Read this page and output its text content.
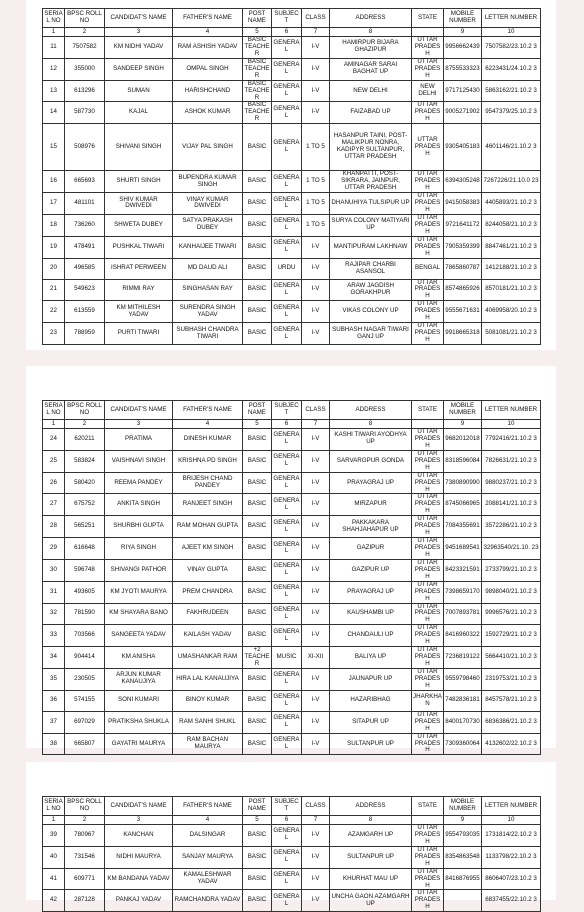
SERIAL NO	BPSC ROLL NO	CANDIDAT'S NAME	FATHER'S NAME	POST NAME	SUBJECT	CLASS	ADDRESS	STATE	MOBILE NUMBER	LETTER NUMBER
1	2	3	4	5	6	7	8		9	10
11	7507582	KM NIDHI YADAV	RAM ASHISH YADAV	BASIC TEACHER	GENERAL	I-V	HAMIRPUR BIJARA GHAZIPUR	UTTAR PRADESH	9956662439	7507582/23.10.2 3
12	355000	SANDEEP SINGH	OMPAL SINGH	BASIC TEACHER	GENERAL	I-V	AMINAGAR SARAI BAGHAT UP	UTTAR PRADESH	8755533323	6223431/24.10.2 3
13	613296	SUMAN	HARISHCHAND	BASIC TEACHER	GENERAL	I-V	NEW DELHI	NEW DELHI	9717125430	5863162/21.10.2 3
14	587730	KAJAL	ASHOK KUMAR	BASIC TEACHER	GENERAL	I-V	FAIZABAD UP	UTTAR PRADESH	9005271902	9547379/25.10.2 3
15	508976	SHIVANI SINGH	VIJAY PAL SINGH	BASIC	GENERAL	1 TO 5	HASANPUR TAINI, POST-MALIKPUR NONRA, KADIPYR SULTANPUR, UTTAR PRADESH	UTTAR PRADESH	9305405183	4601146/21.10.2 3
16	665693	SHURTI SINGH	BUPENDRA KUMAR SINGH	BASIC	GENERAL	1 TO 5	KHANPATTI, POST- SIKRARA, JAINPUR, UTTAR PRADESH	UTTAR PRADESH	6394305248	7267226/21.10.0 23
17	481101	SHIV KUMAR DWIVEDI	VINAY KUMAR DWIVEDI	BASIC	GENERAL	1 TO 5	DHANUHIYA TULSIPUR UP	UTTAR PRADESH	9415058383	4405893/21.10.2 3
18	736260	SHWETA DUBEY	SATYA PRAKASH DUBEY	BASIC	GENERAL	1 TO 5	SURYA COLONY MATIYARI UP	UTTAR PRADESH	9721641172	8244058/21.10.2 3
19	478491	PUSHKAL TIWARI	KANHAIJEE TIWARI	BASIC	GENERAL	I-V	MANTIPURAM LAKHNAW	UTTAR PRADESH	7905359399	8847461/21.10.2 3
20	496585	ISHRAT PERWEEN	MD DAUD ALI	BASIC	URDU	I-V	RAJIPAR CHARBI ASANSOL	BENGAL	7865860787	1412188/21.10.2 3
21	549623	RIMMI RAY	SINGHASAN RAY	BASIC	GENERAL	I-V	ARAW JAGDISH GORAKHPUR	UTTAR PRADESH	8574865926	8570181/21.10.2 3
22	613559	KM MITHILESH YADAV	SURENDRA SINGH YADAV	BASIC	GENERAL	I-V	VIKAS COLONY UP	UTTAR PRADESH	9555671631	4069958/20.10.2 3
23	788959	PURTI TIWARI	SUBHASH CHANDRA TIWARI	BASIC	GENERAL	I-V	SUBHASH NAGAR TIWARI GANJ UP	UTTAR PRADESH	9918665318	5081081/21.10.2 3
SERIAL NO	BPSC ROLL NO	CANDIDAT'S NAME	FATHER'S NAME	POST NAME	SUBJECT	CLASS	ADDRESS	STATE	MOBILE NUMBER	LETTER NUMBER
1	2	3	4	5	6	7	8		9	10
24	620211	PRATIMA	DINESH KUMAR	BASIC	GENERAL	I-V	KASHI TIWARI AYODHYA UP	UTTAR PRADESH	9682012018	7792416/21.10.2 3
25	583824	VAISHNAVI SINGH	KRISHNA PD SINGH	BASIC	GENERAL	I-V	SARVARGPUR GONDA	UTTAR PRADESH	8318596084	7826631/21.10.2 3
26	580420	REEMA PANDEY	BRIJESH CHAND PANDEY	BASIC	GENERAL	I-V	PRAYAGRAJ UP	UTTAR PRADESH	7380890990	9880237/21.10.2 3
27	675752	ANKITA SINGH	RANJEET SINGH	BASIC	GENERAL	I-V	MIRZAPUR	UTTAR PRADESH	8745066965	2088141/21.10.2 3
28	565251	SHURBHI GUPTA	RAM MOHAN GUPTA	BASIC	GENERAL	I-V	PAKKAKARA SHAHJAHAPUR UP	UTTAR PRADESH	7084355691	3572286/21.10.2 3
29	616648	RIYA SINGH	AJEET KM SINGH	BASIC	GENERAL	I-V	GAZIPUR	UTTAR PRADESH	9451689541	32963540/21.10. 23
30	596748	SHIVANGI PATHOR	VINAY GUPTA	BASIC	GENERAL	I-V	GAZIPUR UP	UTTAR PRADESH	8423321591	2733799/21.10.2 3
31	493605	KM JYOTI MAURYA	PREM CHANDRA	BASIC	GENERAL	I-V	PRAYAGRAJ UP	UTTAR PRADESH	7398659170	9898040/21.10.2 3
32	781590	KM SHAYARA BANO	FAKHRUDEEN	BASIC	GENERAL	I-V	KAUSHAMBI UP	UTTAR PRADESH	7007893781	9996576/21.10.2 3
33	703566	SANGEETA YADAV	KAILASH YADAV	BASIC	GENERAL	I-V	CHANDAULI UP	UTTAR PRADESH	8416960322	1592729/21.10.2 3
34	904414	KM ANISHA	UMASHANKAR RAM	+2 TEACHER	MUSIC	XI-XII	BALIYA UP	UTTAR PRADESH	7236819122	5664410/21.10.2 3
35	230505	ARJUN KUMAR KANAUJIYA	HIRA LAL KANAUJIYA	BASIC	GENERAL	I-V	JAUNAPUR UP	UTTAR PRADESH	9559798460	2319753/21.10.2 3
36	574155	SONI KUMARI	BINOY KUMAR	BASIC	GENERAL	I-V	HAZARIBHAG	JHARKHA N	7482836181	8457578/21.10.2 3
37	697029	PRATIKSHA SHUKLA	RAM SANHI SHUKL	BASIC	GENERAL	I-V	SITAPUR UP	UTTAR PRADESH	8400170730	6836386/21.10.2 3
38	665807	GAYATRI MAURYA	RAM BACHAN MAURYA	BASIC	GENERAL	I-V	SULTANPUR UP	UTTAR PRADESH	7309360064	4132602/22.10.2 3
SERIAL NO	BPSC ROLL NO	CANDIDAT'S NAME	FATHER'S NAME	POST NAME	SUBJECT	CLASS	ADDRESS	STATE	MOBILE NUMBER	LETTER NUMBER
1	2	3	4	5	6	7	8		9	10
39	780967	KANCHAN	DALSINGAR	BASIC	GENERAL	I-V	AZAMGARH UP	UTTAR PRADESH	9554793035	1731814/22.10.2 3
40	731546	NIDHI MAURYA	SANJAY MAURYA	BASIC	GENERAL	I-V	SULTANPUR UP	UTTAR PRADESH	8354863548	1133798/22.10.2 3
41	609771	KM BANDANA YADAV	KAMALESHWAR YADAV	BASIC	GENERAL	I-V	KHURHAT MAU UP	UTTAR PRADESH	8416876955	8606407/23.10.2 3
42	287128	PANKAJ YADAV	RAMCHANDRA YADAV	BASIC	GENERAL	I-V	UNCHA GAON AZAMGARH UP	UTTAR PRADESH		6837455/22.10.2 3
